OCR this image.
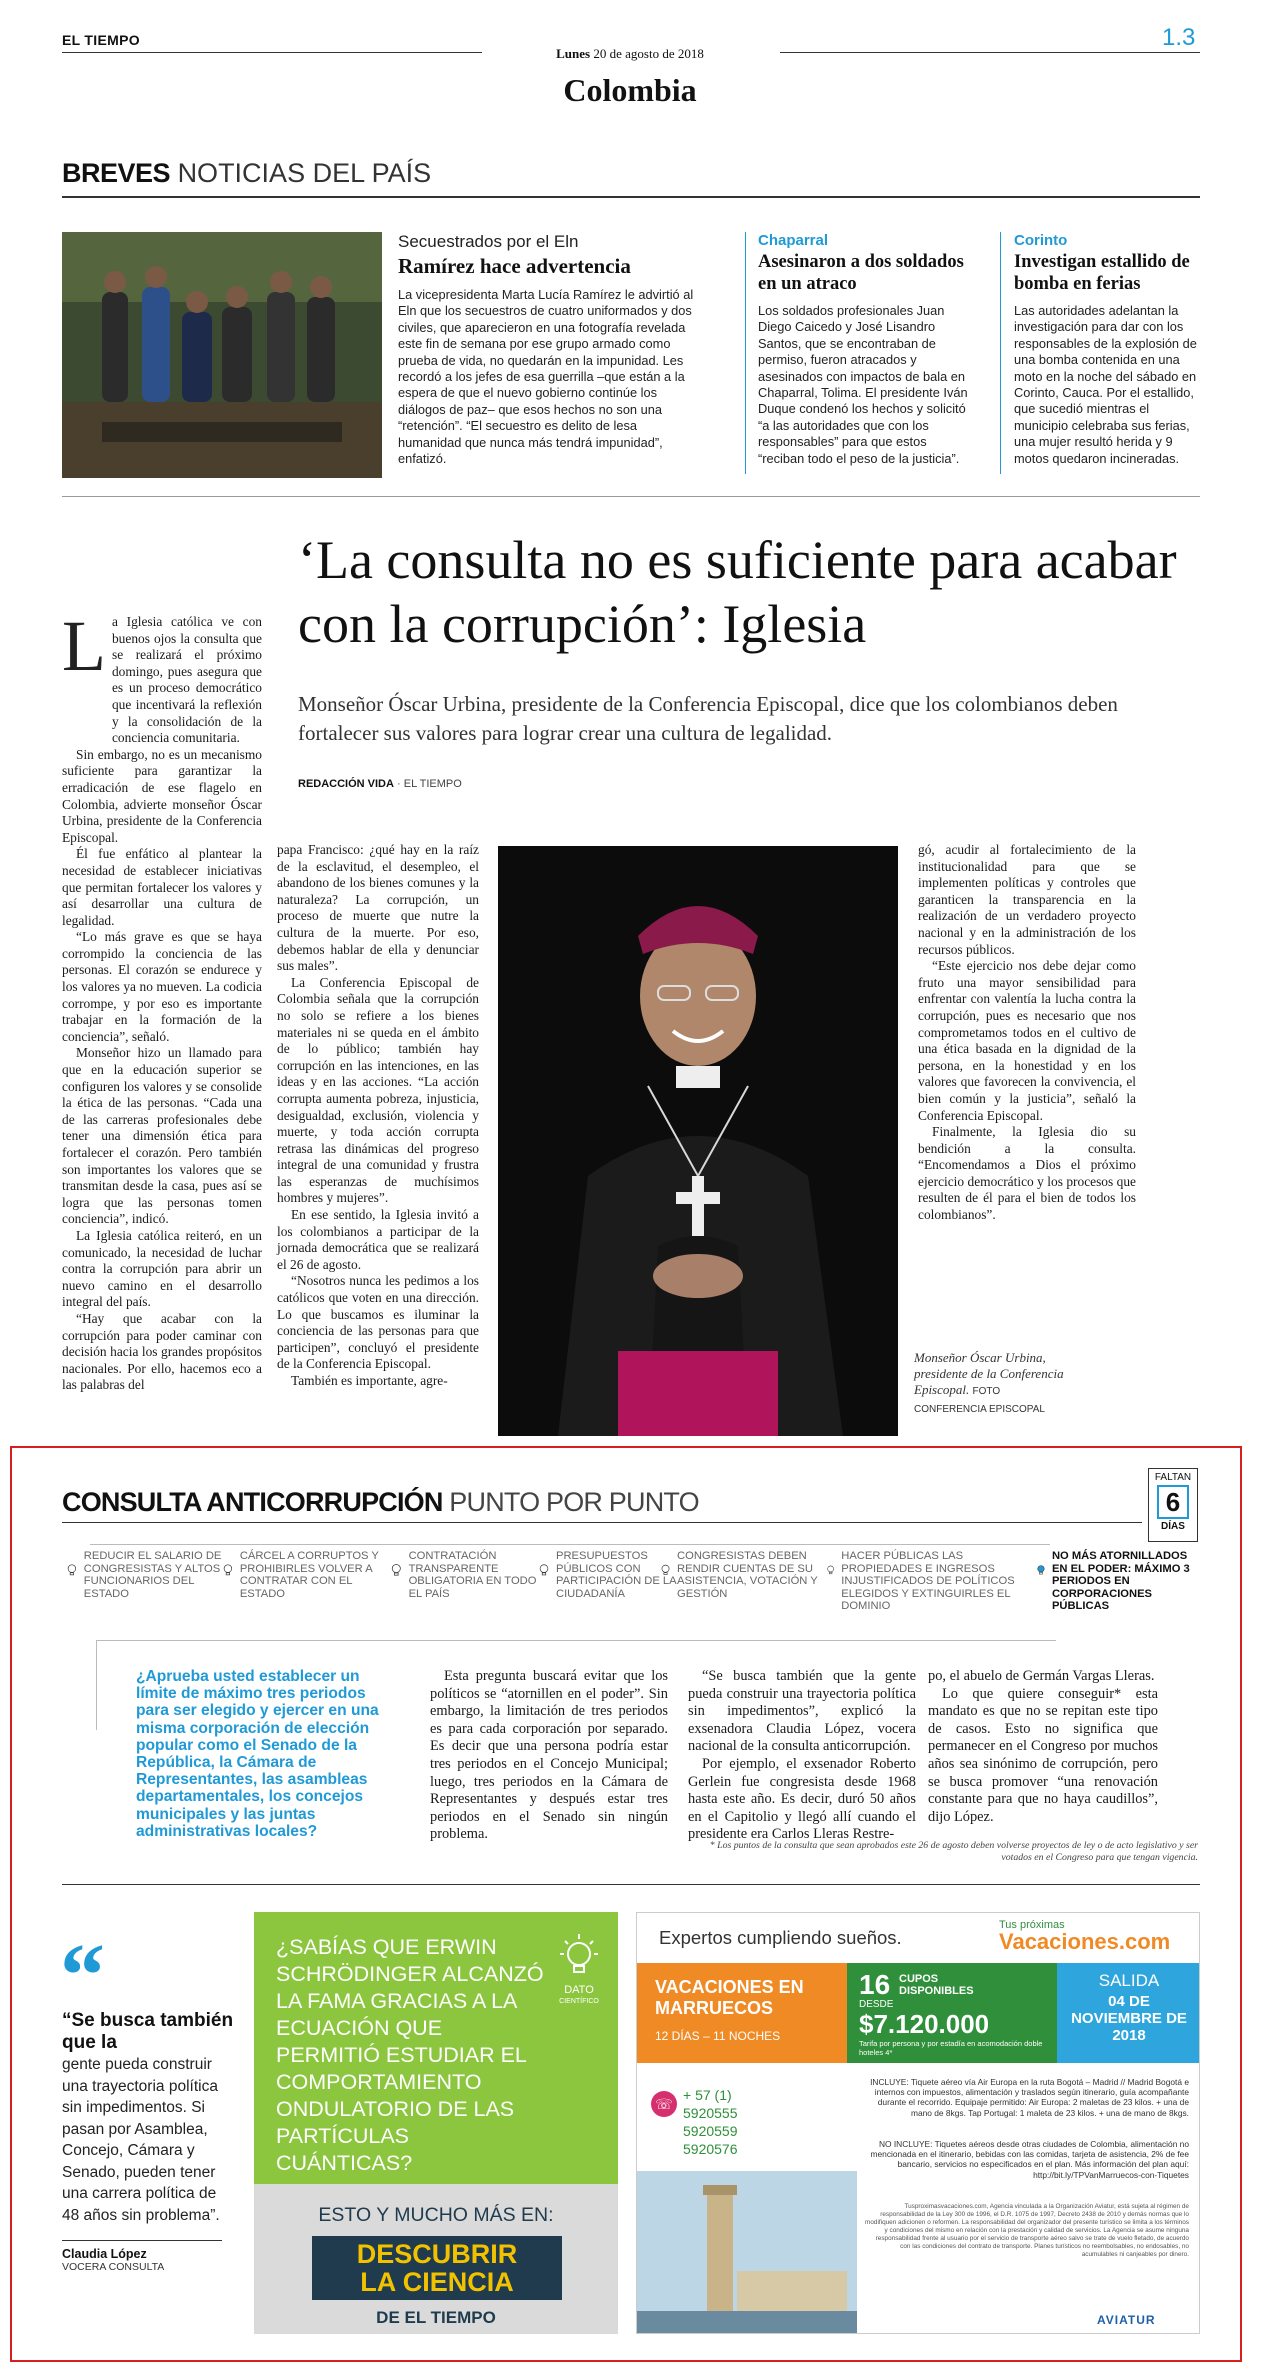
EL TIEMPO
Lunes 20 de agosto de 2018
1.3
Colombia
BREVES NOTICIAS DEL PAÍS
Secuestrados por el Eln
Ramírez hace advertencia

La vicepresidenta Marta Lucía Ramírez le advirtió al Eln que los secuestros de cuatro uniformados y dos civiles, que aparecieron en una fotografía revelada este fin de semana por ese grupo armado como prueba de vida, no quedarán en la impunidad. Les recordó a los jefes de esa guerrilla –que están a la espera de que el nuevo gobierno continúe los diálogos de paz– que esos hechos no son una “retención”. “El secuestro es delito de lesa humanidad que nunca más tendrá impunidad”, enfatizó.

Chaparral
Asesinaron a dos soldados en un atraco

Los soldados profesionales Juan Diego Caicedo y José Lisandro Santos, que se encontraban de permiso, fueron atracados y asesinados con impactos de bala en Chaparral, Tolima. El presidente Iván Duque condenó los hechos y solicitó “a las autoridades que con los responsables” para que estos “reciban todo el peso de la justicia”.

Corinto
Investigan estallido de bomba en ferias

Las autoridades adelantan la investigación para dar con los responsables de la explosión de una bomba contenida en una moto en la noche del sábado en Corinto, Cauca. Por el estallido, que sucedió mientras el municipio celebraba sus ferias, una mujer resultó herida y 9 motos quedaron incineradas.

‘La consulta no es suficiente para acabar con la corrupción’: Iglesia
Monseñor Óscar Urbina, presidente de la Conferencia Episcopal, dice que los colombianos deben fortalecer sus valores para lograr crear una cultura de legalidad.
REDACCIÓN VIDA · EL TIEMPO
L a Iglesia católica ve con buenos ojos la consulta que se realizará el próximo domingo, pues asegura que es un proceso democrático que incentivará la reflexión y la consolidación de la conciencia comunitaria.

Sin embargo, no es un mecanismo suficiente para garantizar la erradicación de ese flagelo en Colombia, advierte monseñor Óscar Urbina, presidente de la Conferencia Episcopal.

Él fue enfático al plantear la necesidad de establecer iniciativas que permitan fortalecer los valores y así desarrollar una cultura de legalidad.

“Lo más grave es que se haya corrompido la conciencia de las personas. El corazón se endurece y los valores ya no mueven. La codicia corrompe, y por eso es importante trabajar en la formación de la conciencia”, señaló.

Monseñor hizo un llamado para que en la educación superior se configuren los valores y se consolide la ética de las personas. “Cada una de las carreras profesionales debe tener una dimensión ética para fortalecer el corazón. Pero también son importantes los valores que se transmitan desde la casa, pues así se logra que las personas tomen conciencia”, indicó.

La Iglesia católica reiteró, en un comunicado, la necesidad de luchar contra la corrupción para abrir un nuevo camino en el desarrollo integral del país.

“Hay que acabar con la corrupción para poder caminar con decisión hacia los grandes propósitos nacionales. Por ello, hacemos eco a las palabras del

papa Francisco: ¿qué hay en la raíz de la esclavitud, el desempleo, el abandono de los bienes comunes y la naturaleza? La corrupción, un proceso de muerte que nutre la cultura de la muerte. Por eso, debemos hablar de ella y denunciar sus males”.

La Conferencia Episcopal de Colombia señala que la corrupción no solo se refiere a los bienes materiales ni se queda en el ámbito de lo público; también hay corrupción en las intenciones, en las ideas y en las acciones. “La acción corrupta aumenta pobreza, injusticia, desigualdad, exclusión, violencia y muerte, y toda acción corrupta retrasa las dinámicas del progreso integral de una comunidad y frustra las esperanzas de muchísimos hombres y mujeres”.

En ese sentido, la Iglesia invitó a los colombianos a participar de la jornada democrática que se realizará el 26 de agosto.

“Nosotros nunca les pedimos a los católicos que voten en una dirección. Lo que buscamos es iluminar la conciencia de las personas para que participen”, concluyó el presidente de la Conferencia Episcopal.

También es importante, agre-

Monseñor Óscar Urbina, presidente de la Conferencia Episcopal. FOTO
CONFERENCIA EPISCOPAL

gó, acudir al fortalecimiento de la institucionalidad para que se implementen políticas y controles que garanticen la transparencia en la realización de un verdadero proyecto nacional y en la administración de los recursos públicos.

“Este ejercicio nos debe dejar como fruto una mayor sensibilidad para enfrentar con valentía la lucha contra la corrupción, pues es necesario que nos comprometamos todos en el cultivo de una ética basada en la dignidad de la persona, en la honestidad y en los valores que favorecen la convivencia, el bien común y la justicia”, señaló la Conferencia Episcopal.

Finalmente, la Iglesia dio su bendición a la consulta. “Encomendamos a Dios el próximo ejercicio democrático y los procesos que resulten de él para el bien de todos los colombianos”.

CONSULTA ANTICORRUPCIÓN PUNTO POR PUNTO
FALTAN
6
DÍAS
REDUCIR EL SALARIO DE CONGRESISTAS Y ALTOS FUNCIONARIOS DEL ESTADO
CÁRCEL A CORRUPTOS Y PROHIBIRLES VOLVER A CONTRATAR CON EL ESTADO
CONTRATACIÓN TRANSPARENTE OBLIGATORIA EN TODO EL PAÍS
PRESUPUESTOS PÚBLICOS CON PARTICIPACIÓN DE LA CIUDADANÍA
CONGRESISTAS DEBEN RENDIR CUENTAS DE SU ASISTENCIA, VOTACIÓN Y GESTIÓN
HACER PÚBLICAS LAS PROPIEDADES E INGRESOS INJUSTIFICADOS DE POLÍTICOS ELEGIDOS Y EXTINGUIRLES EL DOMINIO
NO MÁS ATORNILLADOS EN EL PODER: MÁXIMO 3 PERIODOS EN CORPORACIONES PÚBLICAS
¿Aprueba usted establecer un límite de máximo tres periodos para ser elegido y ejercer en una misma corporación de elección popular como el Senado de la República, la Cámara de Representantes, las asambleas departamentales, los concejos municipales y las juntas administrativas locales?

Esta pregunta buscará evitar que los políticos se “atornillen en el poder”. Sin embargo, la limitación de tres periodos es para cada corporación por separado. Es decir que una persona podría estar tres periodos en el Concejo Municipal; luego, tres periodos en la Cámara de Representantes y después estar tres periodos en el Senado sin ningún problema.

“Se busca también que la gente pueda construir una trayectoria política sin impedimentos”, explicó la exsenadora Claudia López, vocera nacional de la consulta anticorrupción.

Por ejemplo, el exsenador Roberto Gerlein fue congresista desde 1968 hasta este año. Es decir, duró 50 años en el Capitolio y llegó allí cuando el presidente era Carlos Lleras Restre-

po, el abuelo de Germán Vargas Lleras.

Lo que quiere conseguir* esta mandato es que no se repitan este tipo de casos. Esto no significa que permanecer en el Congreso por muchos años sea sinónimo de corrupción, pero se busca promover “una renovación constante para que no haya caudillos”, dijo López.

* Los puntos de la consulta que sean aprobados este 26 de agosto deben volverse proyectos de ley o de acto legislativo y ser votados en el Congreso para que tengan vigencia.
“
“Se busca también que la
gente pueda construir una trayectoria política sin impedimentos. Si pasan por Asamblea, Concejo, Cámara y Senado, pueden tener una carrera política de 48 años sin problema”.
Claudia López
VOCERA CONSULTA
¿SABÍAS QUE ERWIN SCHRÖDINGER ALCANZÓ LA FAMA GRACIAS A LA ECUACIÓN QUE PERMITIÓ ESTUDIAR EL COMPORTAMIENTO ONDULATORIO DE LAS PARTÍCULAS CUÁNTICAS?
DATO
CIENTÍFICO
ESTO Y MUCHO MÁS EN:
DESCUBRIR LA CIENCIA
DE EL TIEMPO
Expertos cumpliendo sueños.
Tus próximas
Vacaciones.com
VACACIONES EN MARRUECOS
12 DÍAS – 11 NOCHES
16 CUPOS DISPONIBLES
DESDE
$7.120.000
Tarifa por persona y por estadía en acomodación doble hoteles 4*
SALIDA
04 DE NOVIEMBRE DE 2018
☏
+ 57 (1)
5920555
5920559
5920576
INCLUYE: Tiquete aéreo vía Air Europa en la ruta Bogotá – Madrid // Madrid Bogotá e internos con impuestos, alimentación y traslados según itinerario, guía acompañante durante el recorrido. Equipaje permitido: Air Europa: 2 maletas de 23 kilos. + una de mano de 8kgs. Tap Portugal: 1 maleta de 23 kilos. + una de mano de 8kgs.
NO INCLUYE: Tiquetes aéreos desde otras ciudades de Colombia, alimentación no mencionada en el itinerario, bebidas con las comidas, tarjeta de asistencia, 2% de fee bancario, servicios no especificados en el plan. Más información del plan aquí: http://bit.ly/TPVanMarruecos-con-Tiquetes
Tusproximasvacaciones.com, Agencia vinculada a la Organización Aviatur, está sujeta al régimen de responsabilidad de la Ley 300 de 1996, el D.R. 1075 de 1997, Decreto 2438 de 2010 y demás normas que lo modifiquen adicionen o reformen. La responsabilidad del organizador del presente turístico se limita a los términos y condiciones del mismo en relación con la prestación y calidad de servicios. La Agencia se asume ninguna responsabilidad frente al usuario por el servicio de transporte aéreo salvo se trate de vuelo fletado, de acuerdo con las condiciones del contrato de transporte. Planes turísticos no reembolsables, no endosables, no acumulables ni canjeables por dinero.
AVIATUR
